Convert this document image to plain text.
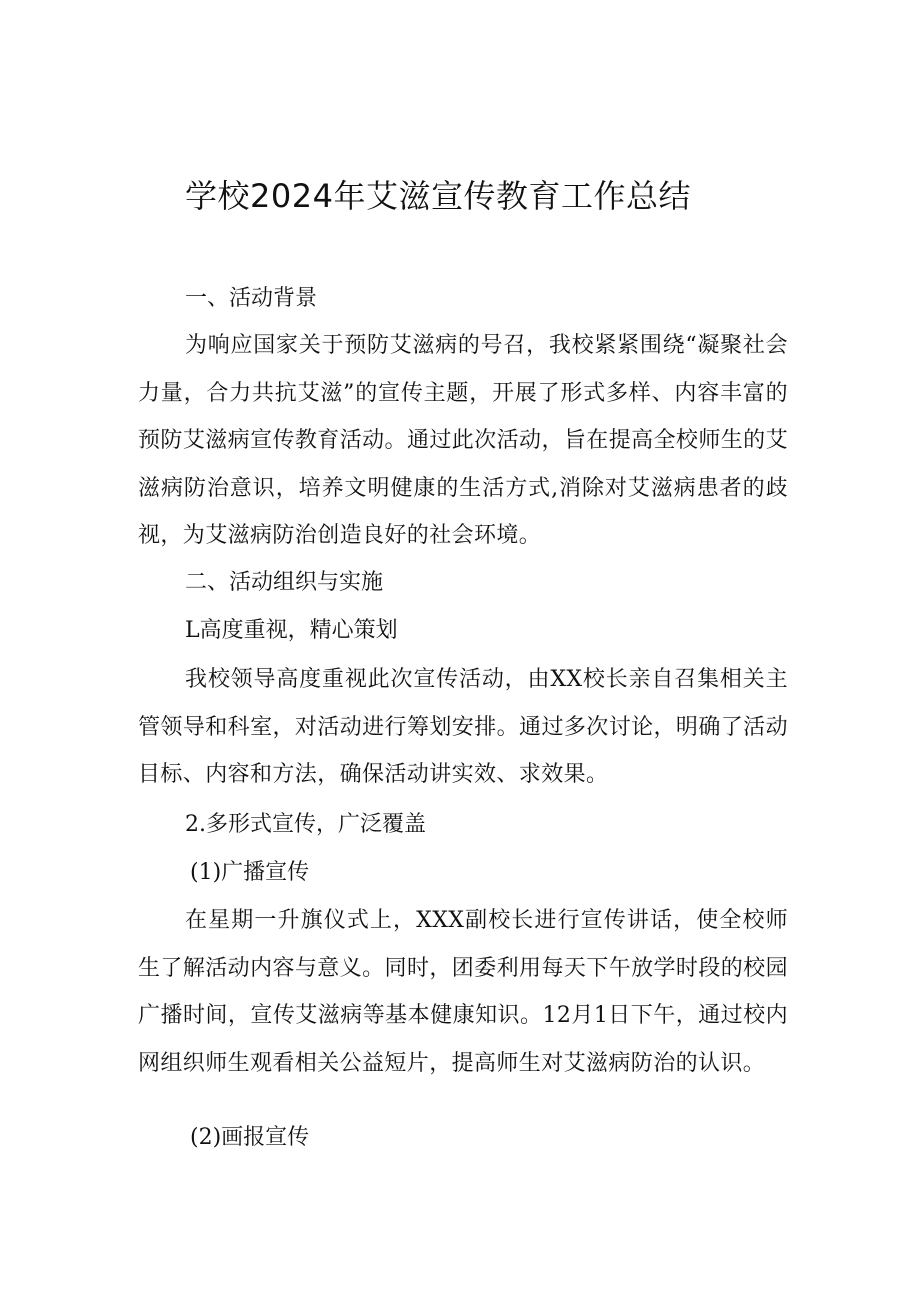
学校2024年艾滋宣传教育工作总结
一、活动背景

为响应国家关于预防艾滋病的号召，我校紧紧围绕“凝聚社会力量，合力共抗艾滋”的宣传主题，开展了形式多样、内容丰富的预防艾滋病宣传教育活动。通过此次活动，旨在提高全校师生的艾滋病防治意识，培养文明健康的生活方式,消除对艾滋病患者的歧视，为艾滋病防治创造良好的社会环境。

二、活动组织与实施
L高度重视，精心策划

我校领导高度重视此次宣传活动，由XX校长亲自召集相关主管领导和科室，对活动进行筹划安排。通过多次讨论，明确了活动目标、内容和方法，确保活动讲实效、求效果。

2.多形式宣传，广泛覆盖
(1)广播宣传

在星期一升旗仪式上，XXX副校长进行宣传讲话，使全校师生了解活动内容与意义。同时，团委利用每天下午放学时段的校园广播时间，宣传艾滋病等基本健康知识。12月1日下午，通过校内网组织师生观看相关公益短片，提高师生对艾滋病防治的认识。

(2)画报宣传
